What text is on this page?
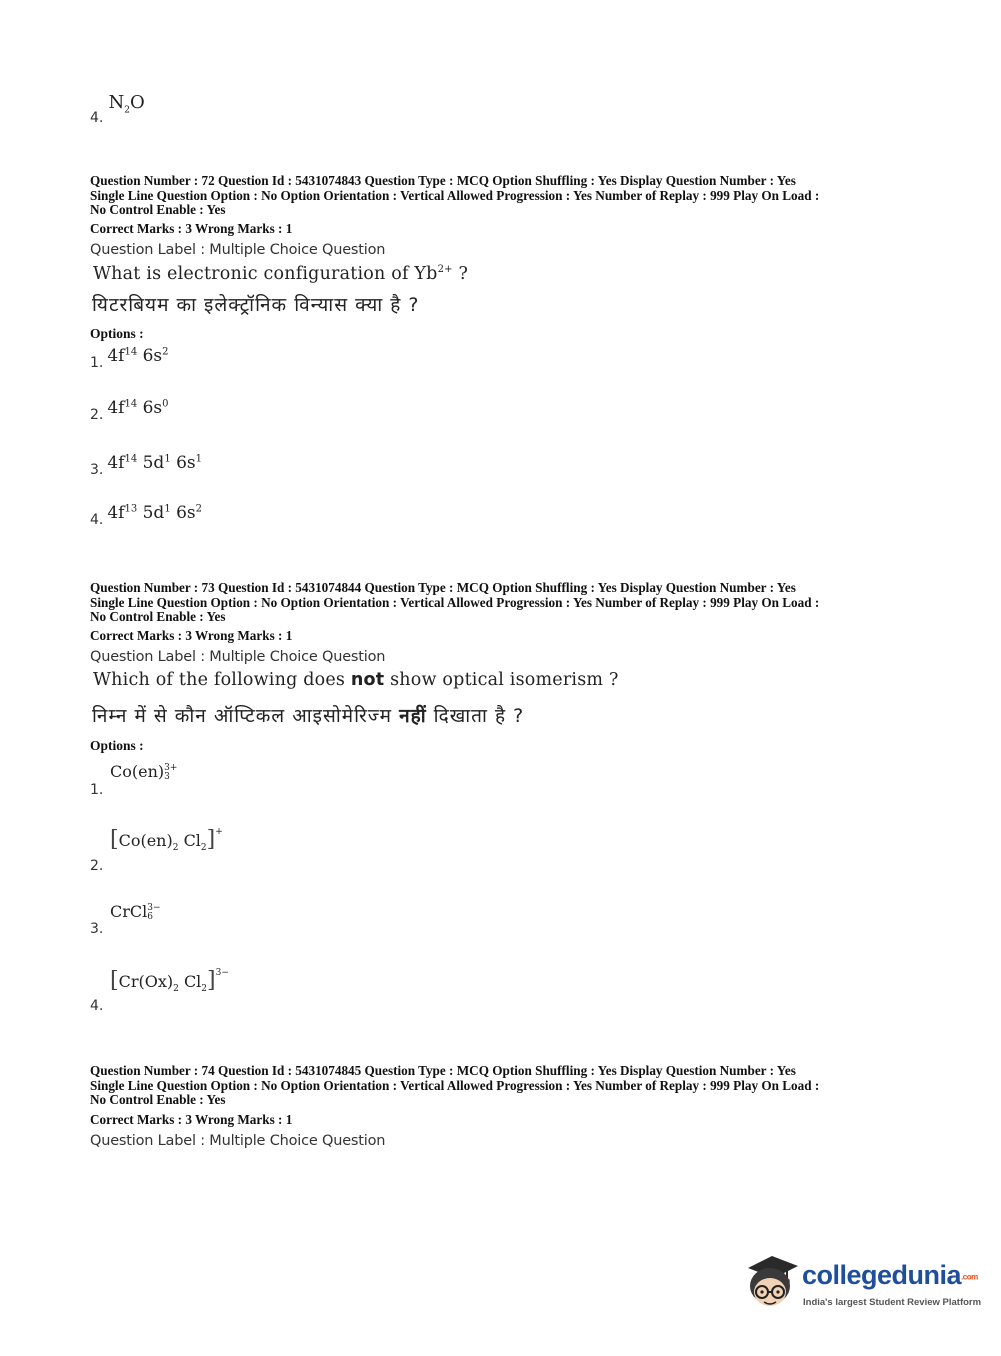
4. $N_2O$
Question Number : 72 Question Id : 5431074843 Question Type : MCQ Option Shuffling : Yes Display Question Number : Yes
Single Line Question Option : No Option Orientation : Vertical Allowed Progression : Yes Number of Replay : 999 Play On Load :
No Control Enable : Yes
Correct Marks : 3 Wrong Marks : 1
Question Label : Multiple Choice Question
What is electronic configuration of $Yb^{2+}$ ?
यिटरबियम का इलेक्ट्रॉनिक विन्यास क्या है ?
Options :
1. $4f^{14}$ $6s^2$
2. $4f^{14}$ $6s^0$
3. $4f^{14}$ $5d^1$ $6s^1$
4. $4f^{13}$ $5d^1$ $6s^2$
Question Number : 73 Question Id : 5431074844 Question Type : MCQ Option Shuffling : Yes Display Question Number : Yes
Single Line Question Option : No Option Orientation : Vertical Allowed Progression : Yes Number of Replay : 999 Play On Load :
No Control Enable : Yes
Correct Marks : 3 Wrong Marks : 1
Question Label : Multiple Choice Question
Which of the following does not show optical isomerism ?
निम्न में से कौन ऑप्टिकल आइसोमेरिज्म नहीं दिखाता है ?
Options :
1.
Co(en) 3+
3
2.
[$Co(en)_2$ $Cl_2]^+$
3.
CrCl 3−
6
4.
[$Cr(Ox)_2$ $Cl_2]^{3-}$
Question Number : 74 Question Id : 5431074845 Question Type : MCQ Option Shuffling : Yes Display Question Number : Yes
Single Line Question Option : No Option Orientation : Vertical Allowed Progression : Yes Number of Replay : 999 Play On Load :
No Control Enable : Yes
Correct Marks : 3 Wrong Marks : 1
Question Label : Multiple Choice Question
collegedunia.com
India's largest Student Review Platform
